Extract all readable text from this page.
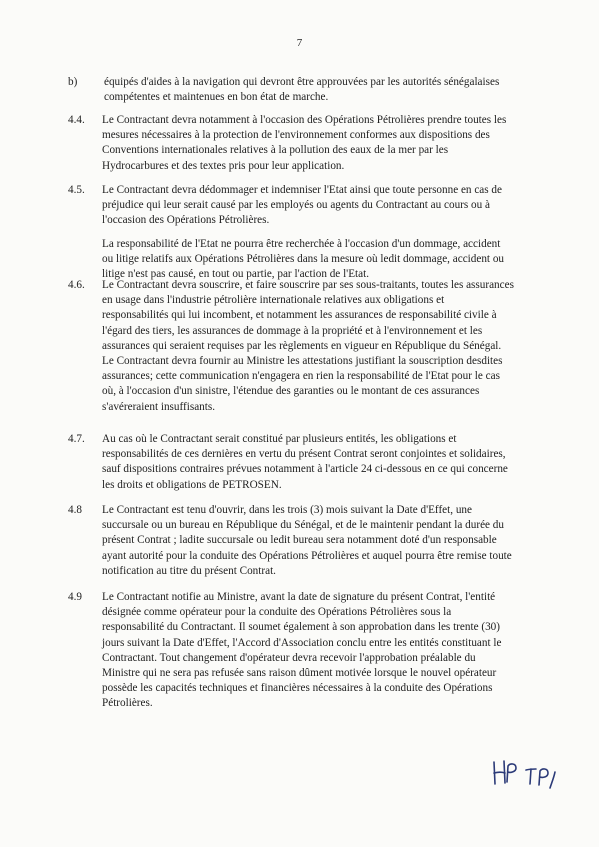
7
b) équipés d'aides à la navigation qui devront être approuvées par les autorités sénégalaises
compétentes et maintenues en bon état de marche.
4.4. Le Contractant devra notamment à l'occasion des Opérations Pétrolières prendre toutes les
mesures nécessaires à la protection de l'environnement conformes aux dispositions des
Conventions internationales relatives à la pollution des eaux de la mer par les
Hydrocarbures et des textes pris pour leur application.
4.5. Le Contractant devra dédommager et indemniser l'Etat ainsi que toute personne en cas de
préjudice qui leur serait causé par les employés ou agents du Contractant au cours ou à
l'occasion des Opérations Pétrolières.
La responsabilité de l'Etat ne pourra être recherchée à l'occasion d'un dommage, accident
ou litige relatifs aux Opérations Pétrolières dans la mesure où ledit dommage, accident ou
litige n'est pas causé, en tout ou partie, par l'action de l'Etat.
4.6. Le Contractant devra souscrire, et faire souscrire par ses sous-traitants, toutes les assurances
en usage dans l'industrie pétrolière internationale relatives aux obligations et
responsabilités qui lui incombent, et notamment les assurances de responsabilité civile à
l'égard des tiers, les assurances de dommage à la propriété et à l'environnement et les
assurances qui seraient requises par les règlements en vigueur en République du Sénégal.
Le Contractant devra fournir au Ministre les attestations justifiant la souscription desdites
assurances; cette communication n'engagera en rien la responsabilité de l'Etat pour le cas
où, à l'occasion d'un sinistre, l'étendue des garanties ou le montant de ces assurances
s'avéreraient insuffisants.
4.7. Au cas où le Contractant serait constitué par plusieurs entités, les obligations et
responsabilités de ces dernières en vertu du présent Contrat seront conjointes et solidaires,
sauf dispositions contraires prévues notamment à l'article 24 ci-dessous en ce qui concerne
les droits et obligations de PETROSEN.
4.8 Le Contractant est tenu d'ouvrir, dans les trois (3) mois suivant la Date d'Effet, une
succursale ou un bureau en République du Sénégal, et de le maintenir pendant la durée du
présent Contrat ; ladite succursale ou ledit bureau sera notamment doté d'un responsable
ayant autorité pour la conduite des Opérations Pétrolières et auquel pourra être remise toute
notification au titre du présent Contrat.
4.9 Le Contractant notifie au Ministre, avant la date de signature du présent Contrat, l'entité
désignée comme opérateur pour la conduite des Opérations Pétrolières sous la
responsabilité du Contractant. Il soumet également à son approbation dans les trente (30)
jours suivant la Date d'Effet, l'Accord d'Association conclu entre les entités constituant le
Contractant. Tout changement d'opérateur devra recevoir l'approbation préalable du
Ministre qui ne sera pas refusée sans raison dûment motivée lorsque le nouvel opérateur
possède les capacités techniques et financières nécessaires à la conduite des Opérations
Pétrolières.
